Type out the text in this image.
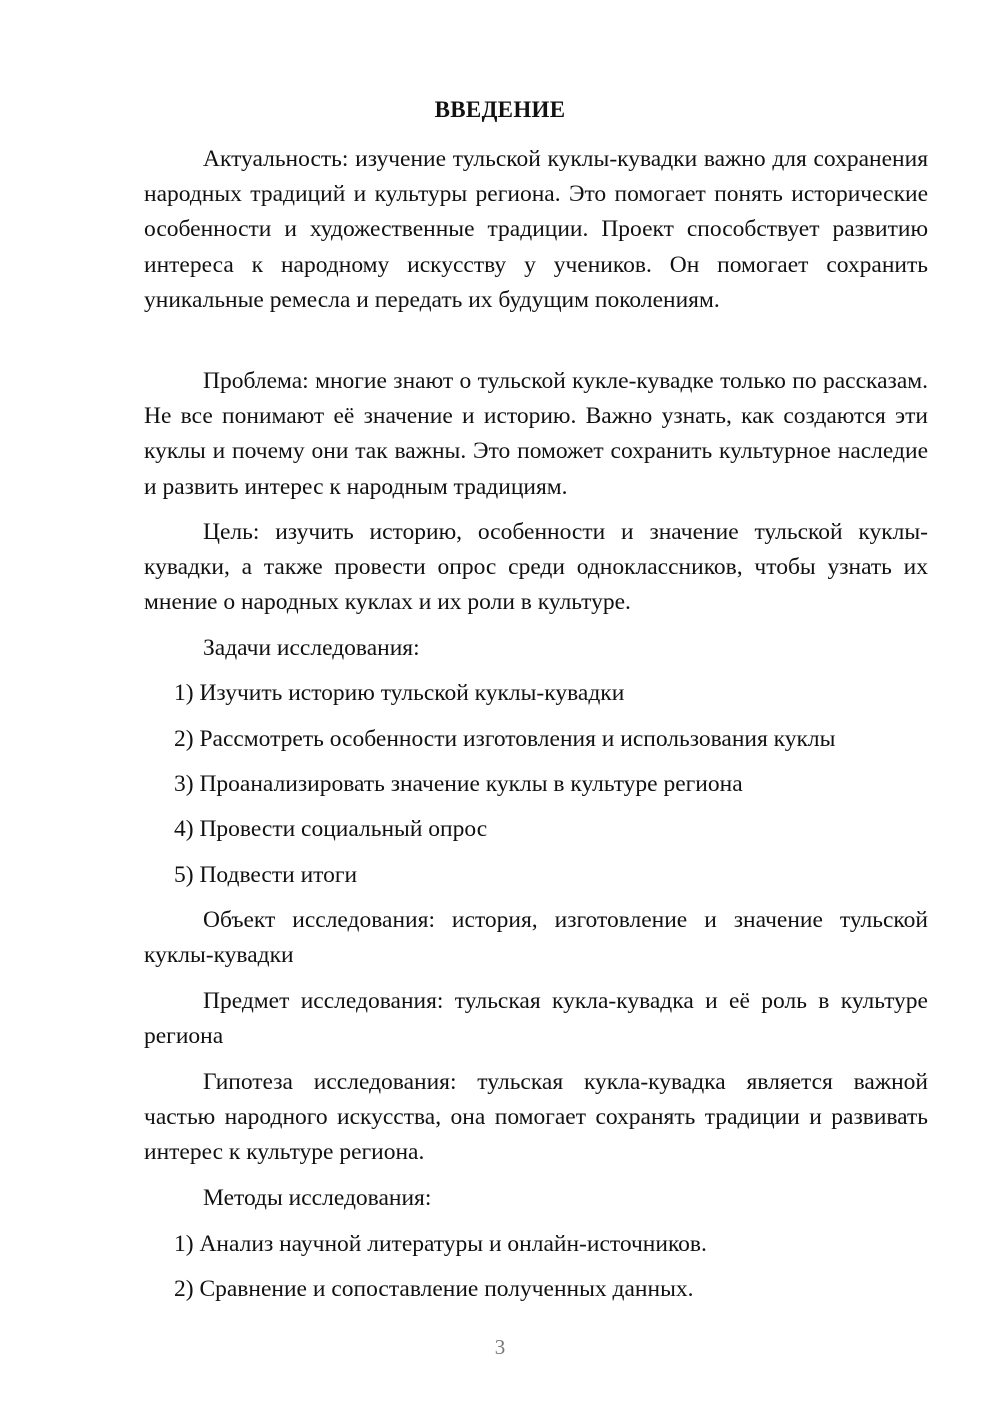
ВВЕДЕНИЕ

Актуальность: изучение тульской куклы-кувадки важно для сохранения народных традиций и культуры региона. Это помогает понять исторические особенности и художественные традиции. Проект способствует развитию интереса к народному искусству у учеников. Он помогает сохранить уникальные ремесла и передать их будущим поколениям.

Проблема: многие знают о тульской кукле-кувадке только по рассказам. Не все понимают её значение и историю. Важно узнать, как создаются эти куклы и почему они так важны. Это поможет сохранить культурное наследие и развить интерес к народным традициям.

Цель: изучить историю, особенности и значение тульской куклы-кувадки, а также провести опрос среди одноклассников, чтобы узнать их мнение о народных куклах и их роли в культуре.

Задачи исследования:

1) Изучить историю тульской куклы-кувадки

2) Рассмотреть особенности изготовления и использования куклы

3) Проанализировать значение куклы в культуре региона

4) Провести социальный опрос

5) Подвести итоги

Объект исследования: история, изготовление и значение тульской куклы-кувадки

Предмет исследования: тульская кукла-кувадка и её роль в культуре региона

Гипотеза исследования: тульская кукла-кувадка является важной частью народного искусства, она помогает сохранять традиции и развивать интерес к культуре региона.

Методы исследования:

1) Анализ научной литературы и онлайн-источников.

2) Сравнение и сопоставление полученных данных.

3
